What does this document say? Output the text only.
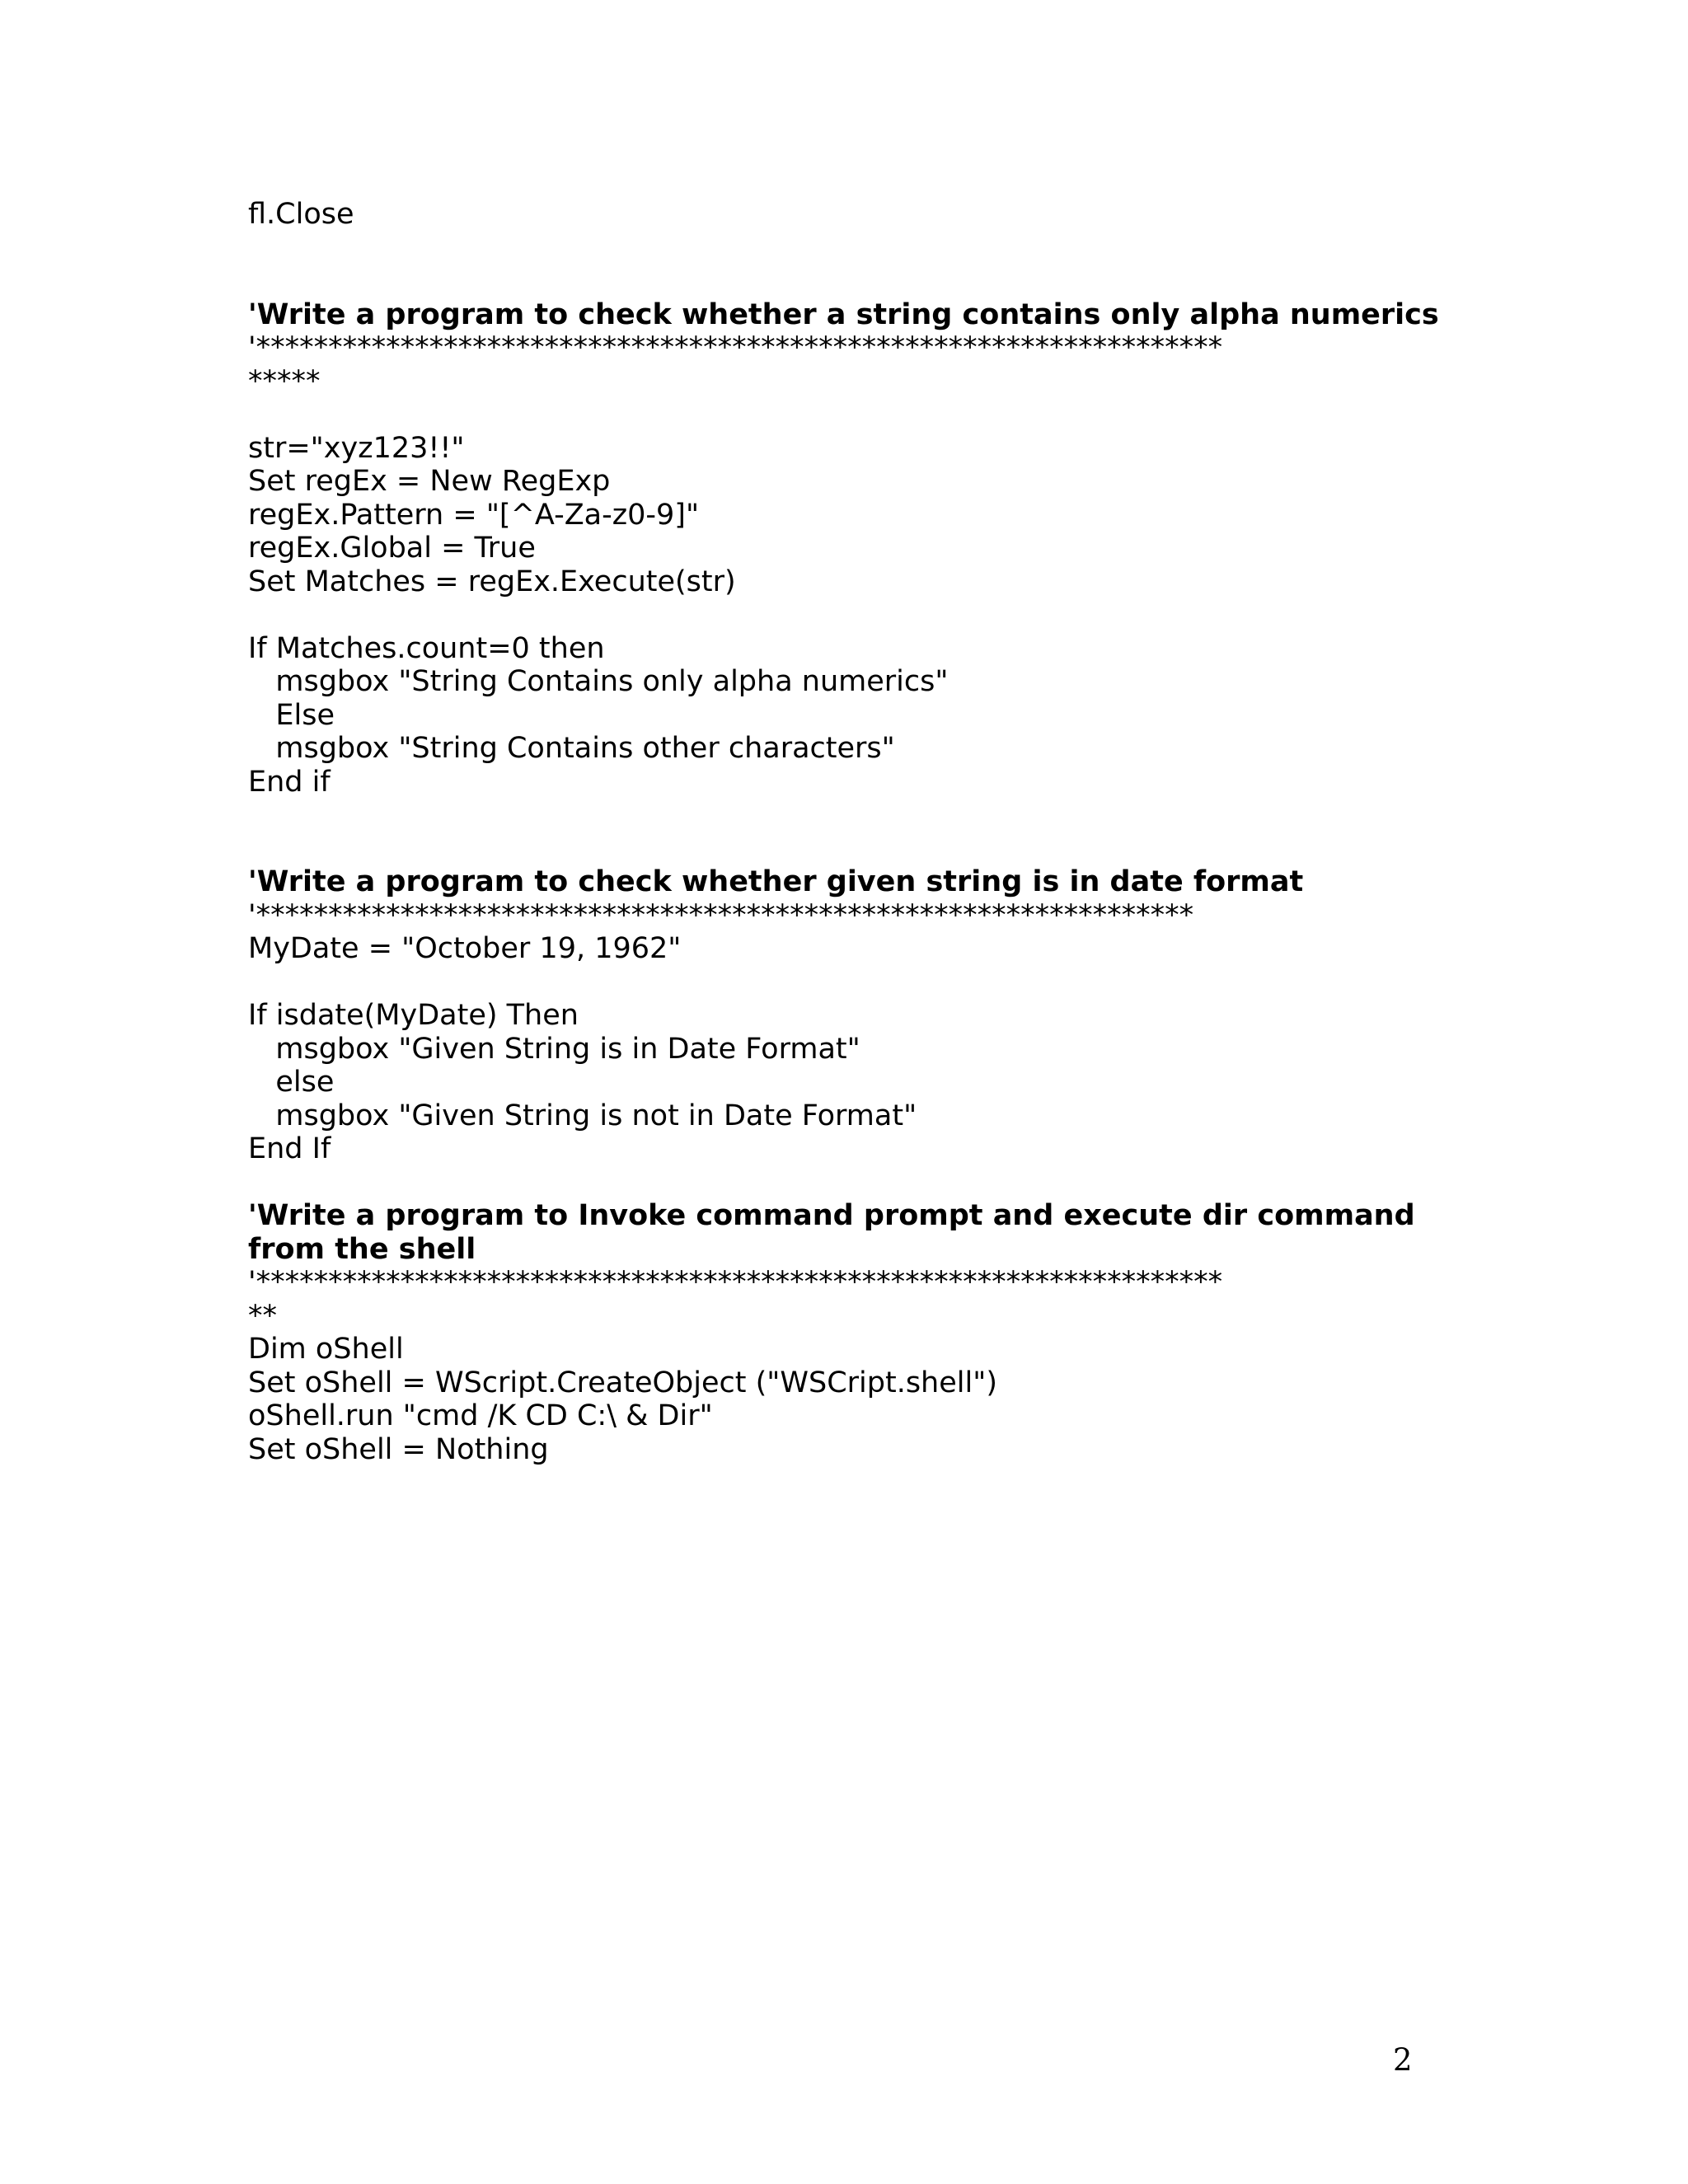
fl.Close
'Write a program to check whether a string contains only alpha numerics
'*******************************************************************
*****
str="xyz123!!"
Set regEx = New RegExp
regEx.Pattern = "[^A-Za-z0-9]"
regEx.Global = True
Set Matches = regEx.Execute(str)
If Matches.count=0 then
msgbox "String Contains only alpha numerics"
Else
msgbox "String Contains other characters"
End if
'Write a program to check whether given string is in date format
'*****************************************************************
MyDate = "October 19, 1962"
If isdate(MyDate) Then
msgbox "Given String is in Date Format"
else
msgbox "Given String is not in Date Format"
End If
'Write a program to Invoke command prompt and execute dir command
from the shell
'*******************************************************************
**
Dim oShell
Set oShell = WScript.CreateObject ("WSCript.shell")
oShell.run "cmd /K CD C:\ & Dir"
Set oShell = Nothing
2
